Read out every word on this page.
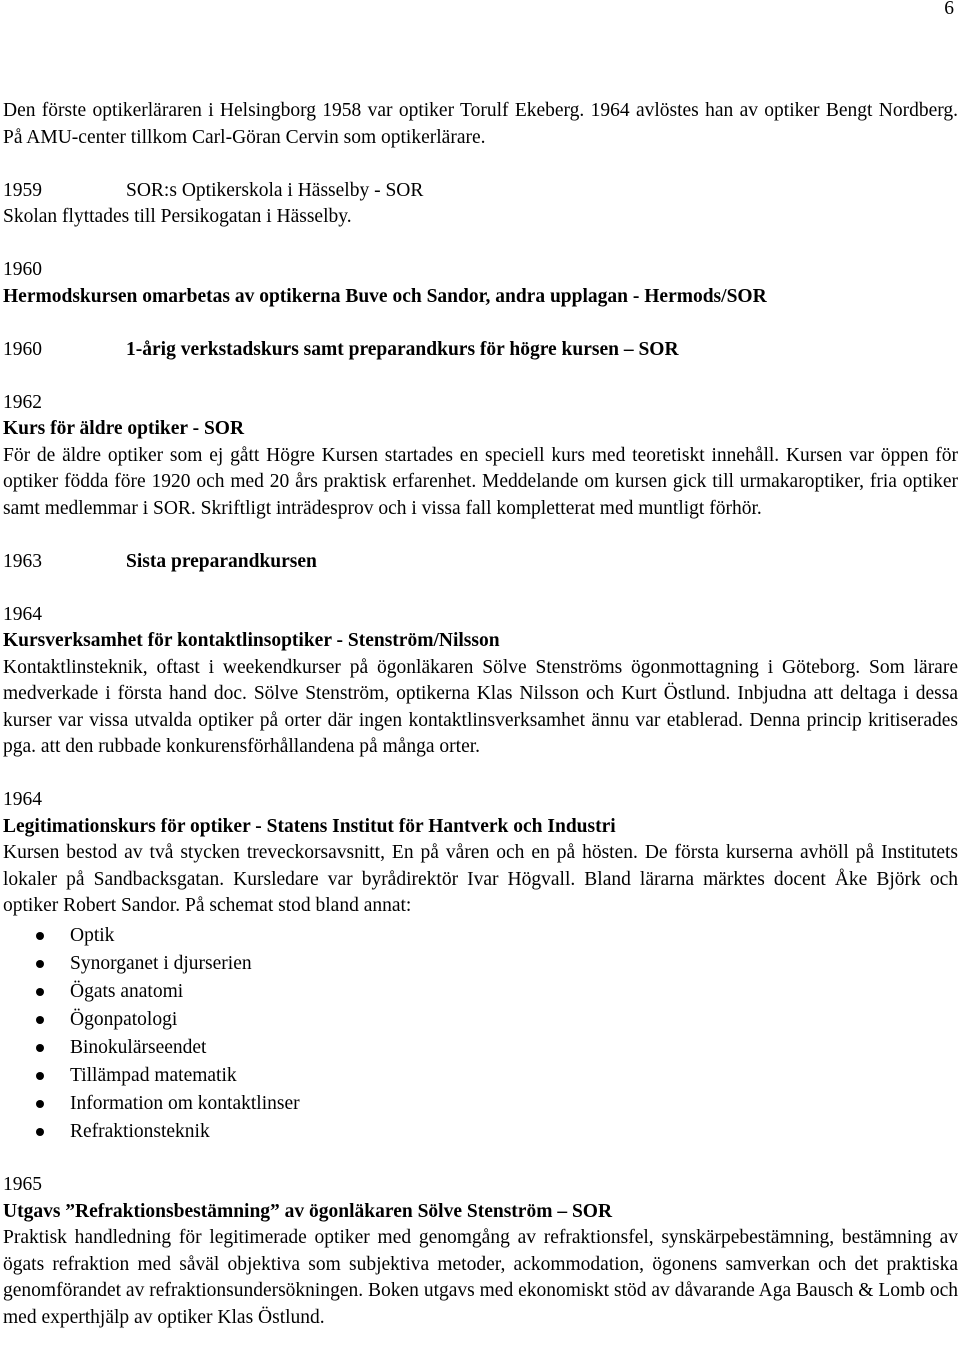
6

Den förste optikerläraren i Helsingborg 1958 var optiker Torulf Ekeberg. 1964 avlöstes han av optiker Bengt Nordberg. På AMU-center tillkom Carl-Göran Cervin som optikerlärare.

1959	SOR:s Optikerskola i Hässelby - SOR

Skolan flyttades till Persikogatan i Hässelby.

1960
Hermodskursen omarbetas av optikerna Buve och Sandor, andra upplagan - Hermods/SOR
1960	1-årig verkstadskurs samt preparandkurs för högre kursen – SOR
1962
Kurs för äldre optiker - SOR

För de äldre optiker som ej gått Högre Kursen startades en speciell kurs med teoretiskt innehåll. Kursen var öppen för optiker födda före 1920 och med 20 års praktisk erfarenhet. Meddelande om kursen gick till urmakaroptiker, fria optiker samt medlemmar i SOR. Skriftligt inträdesprov och i vissa fall kompletterat med muntligt förhör.

1963	Sista preparandkursen
1964
Kursverksamhet för kontaktlinsoptiker - Stenström/Nilsson

Kontaktlinsteknik, oftast i weekendkurser på ögonläkaren Sölve Stenströms ögonmottagning i Göteborg. Som lärare medverkade i första hand doc. Sölve Stenström, optikerna Klas Nilsson och Kurt Östlund. Inbjudna att deltaga i dessa kurser var vissa utvalda optiker på orter där ingen kontaktlinsverksamhet ännu var etablerad. Denna princip kritiserades pga. att den rubbade konkurensförhållandena på många orter.

1964
Legitimationskurs för optiker - Statens Institut för Hantverk och Industri

Kursen bestod av två stycken treveckorsavsnitt, En på våren och en på hösten. De första kurserna avhöll på Institutets lokaler på Sandbacksgatan. Kursledare var byrådirektör Ivar Högvall. Bland lärarna märktes docent Åke Björk och optiker Robert Sandor. På schemat stod bland annat:

Optik
Synorganet i djurserien
Ögats anatomi
Ögonpatologi
Binokulärseendet
Tillämpad matematik
Information om kontaktlinser
Refraktionsteknik
1965
Utgavs ”Refraktionsbestämning” av ögonläkaren Sölve Stenström – SOR

Praktisk handledning för legitimerade optiker med genomgång av refraktionsfel, synskärpebestämning, bestämning av ögats refraktion med såväl objektiva som subjektiva metoder, ackommodation, ögonens samverkan och det praktiska genomförandet av refraktionsundersökningen. Boken utgavs med ekonomiskt stöd av dåvarande Aga Bausch & Lomb och med experthjälp av optiker Klas Östlund.
